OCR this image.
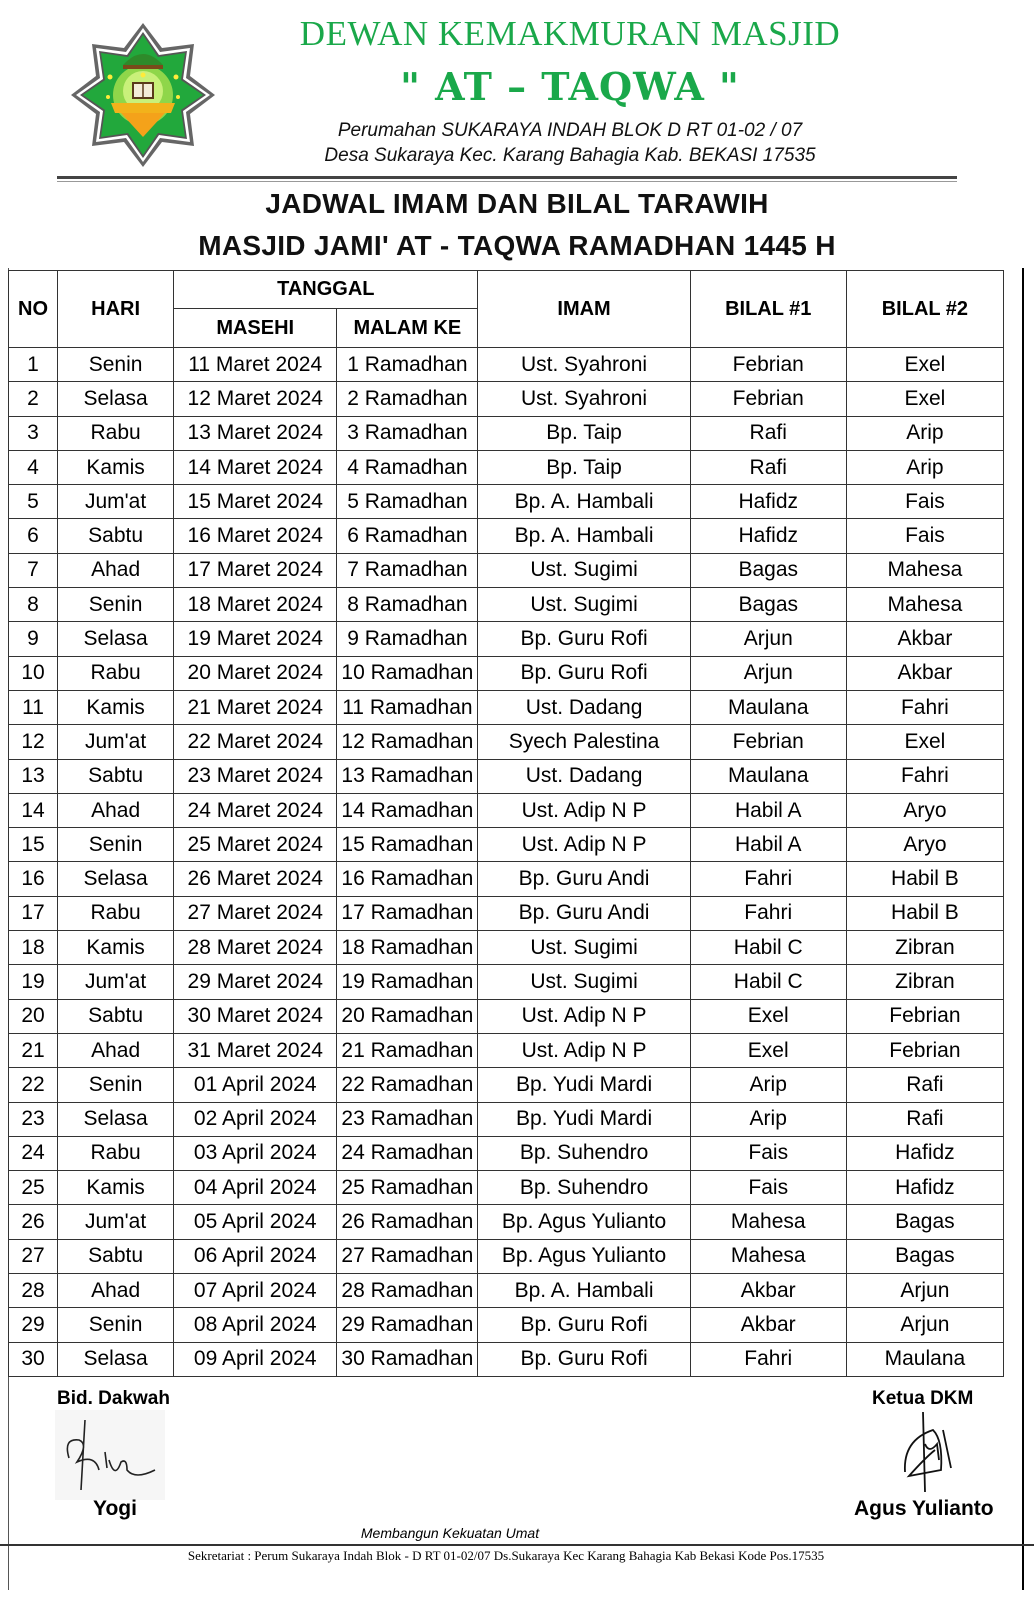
DEWAN KEMAKMURAN MASJID
" AT – TAQWA "
Perumahan SUKARAYA INDAH BLOK D RT 01-02 / 07
Desa Sukaraya Kec. Karang Bahagia Kab. BEKASI 17535
JADWAL IMAM DAN BILAL TARAWIH
MASJID JAMI' AT - TAQWA RAMADHAN 1445 H
NO	HARI	TANGGAL		IMAM	BILAL #1	BILAL #2
		MASEHI	MALAM KE			
1	Senin	11 Maret 2024	1 Ramadhan	Ust. Syahroni	Febrian	Exel
2	Selasa	12 Maret 2024	2 Ramadhan	Ust. Syahroni	Febrian	Exel
3	Rabu	13 Maret 2024	3 Ramadhan	Bp. Taip	Rafi	Arip
4	Kamis	14 Maret 2024	4 Ramadhan	Bp. Taip	Rafi	Arip
5	Jum'at	15 Maret 2024	5 Ramadhan	Bp. A. Hambali	Hafidz	Fais
6	Sabtu	16 Maret 2024	6 Ramadhan	Bp. A. Hambali	Hafidz	Fais
7	Ahad	17 Maret 2024	7 Ramadhan	Ust. Sugimi	Bagas	Mahesa
8	Senin	18 Maret 2024	8 Ramadhan	Ust. Sugimi	Bagas	Mahesa
9	Selasa	19 Maret 2024	9 Ramadhan	Bp. Guru Rofi	Arjun	Akbar
10	Rabu	20 Maret 2024	10 Ramadhan	Bp. Guru Rofi	Arjun	Akbar
11	Kamis	21 Maret 2024	11 Ramadhan	Ust. Dadang	Maulana	Fahri
12	Jum'at	22 Maret 2024	12 Ramadhan	Syech Palestina	Febrian	Exel
13	Sabtu	23 Maret 2024	13 Ramadhan	Ust. Dadang	Maulana	Fahri
14	Ahad	24 Maret 2024	14 Ramadhan	Ust. Adip N P	Habil A	Aryo
15	Senin	25 Maret 2024	15 Ramadhan	Ust. Adip N P	Habil A	Aryo
16	Selasa	26 Maret 2024	16 Ramadhan	Bp. Guru Andi	Fahri	Habil B
17	Rabu	27 Maret 2024	17 Ramadhan	Bp. Guru Andi	Fahri	Habil B
18	Kamis	28 Maret 2024	18 Ramadhan	Ust. Sugimi	Habil C	Zibran
19	Jum'at	29 Maret 2024	19 Ramadhan	Ust. Sugimi	Habil C	Zibran
20	Sabtu	30 Maret 2024	20 Ramadhan	Ust. Adip N P	Exel	Febrian
21	Ahad	31 Maret 2024	21 Ramadhan	Ust. Adip N P	Exel	Febrian
22	Senin	01 April 2024	22 Ramadhan	Bp. Yudi Mardi	Arip	Rafi
23	Selasa	02 April 2024	23 Ramadhan	Bp. Yudi Mardi	Arip	Rafi
24	Rabu	03 April 2024	24 Ramadhan	Bp. Suhendro	Fais	Hafidz
25	Kamis	04 April 2024	25 Ramadhan	Bp. Suhendro	Fais	Hafidz
26	Jum'at	05 April 2024	26 Ramadhan	Bp. Agus Yulianto	Mahesa	Bagas
27	Sabtu	06 April 2024	27 Ramadhan	Bp. Agus Yulianto	Mahesa	Bagas
28	Ahad	07 April 2024	28 Ramadhan	Bp. A. Hambali	Akbar	Arjun
29	Senin	08 April 2024	29 Ramadhan	Bp. Guru Rofi	Akbar	Arjun
30	Selasa	09 April 2024	30 Ramadhan	Bp. Guru Rofi	Fahri	Maulana
Bid. Dakwah
Yogi
Ketua DKM
Agus Yulianto
Membangun Kekuatan Umat
Sekretariat : Perum Sukaraya Indah Blok - D RT 01-02/07 Ds.Sukaraya Kec Karang Bahagia Kab Bekasi Kode Pos.17535
